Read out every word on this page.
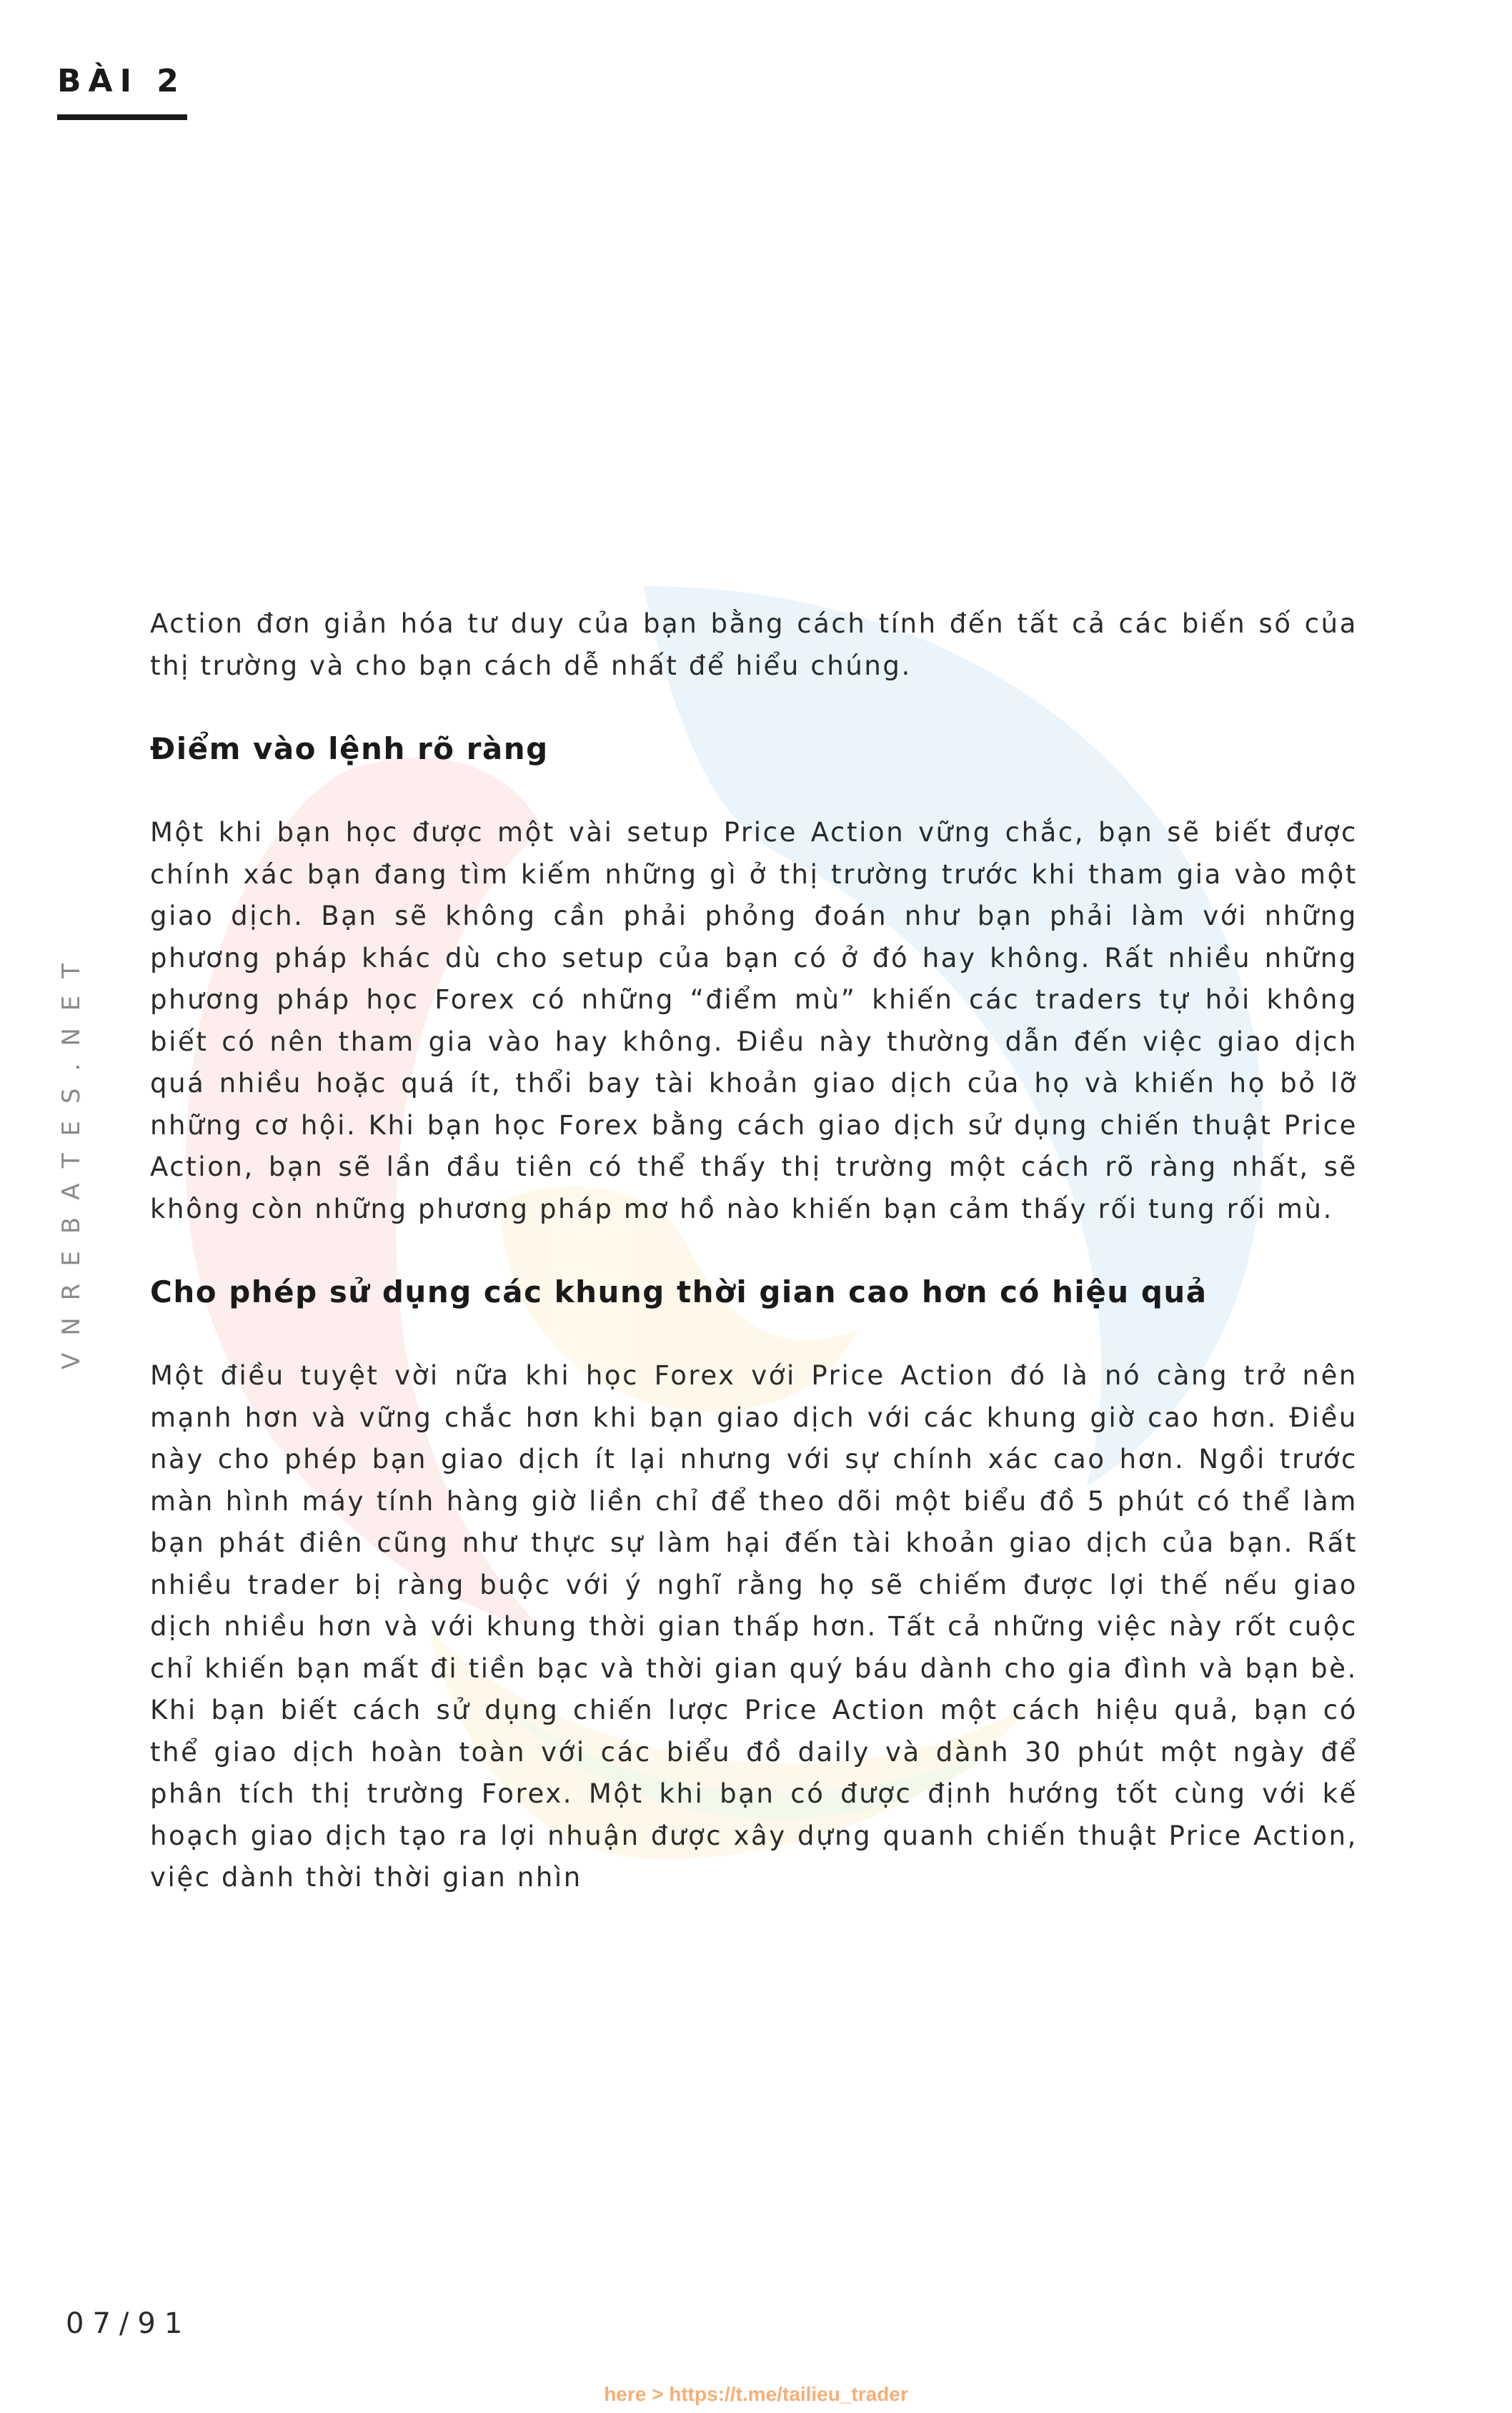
BÀI 2
VNREBATES.NET

Action đơn giản hóa tư duy của bạn bằng cách tính đến tất cả các biến số của thị trường và cho bạn cách dễ nhất để hiểu chúng.

Điểm vào lệnh rõ ràng

Một khi bạn học được một vài setup Price Action vững chắc, bạn sẽ biết được chính xác bạn đang tìm kiếm những gì ở thị trường trước khi tham gia vào một giao dịch. Bạn sẽ không cần phải phỏng đoán như bạn phải làm với những phương pháp khác dù cho setup của bạn có ở đó hay không. Rất nhiều những phương pháp học Forex có những “điểm mù” khiến các traders tự hỏi không biết có nên tham gia vào hay không. Điều này thường dẫn đến việc giao dịch quá nhiều hoặc quá ít, thổi bay tài khoản giao dịch của họ và khiến họ bỏ lỡ những cơ hội. Khi bạn học Forex bằng cách giao dịch sử dụng chiến thuật Price Action, bạn sẽ lần đầu tiên có thể thấy thị trường một cách rõ ràng nhất, sẽ không còn những phương pháp mơ hồ nào khiến bạn cảm thấy rối tung rối mù.

Cho phép sử dụng các khung thời gian cao hơn có hiệu quả

Một điều tuyệt vời nữa khi học Forex với Price Action đó là nó càng trở nên mạnh hơn và vững chắc hơn khi bạn giao dịch với các khung giờ cao hơn. Điều này cho phép bạn giao dịch ít lại nhưng với sự chính xác cao hơn. Ngồi trước màn hình máy tính hàng giờ liền chỉ để theo dõi một biểu đồ 5 phút có thể làm bạn phát điên cũng như thực sự làm hại đến tài khoản giao dịch của bạn. Rất nhiều trader bị ràng buộc với ý nghĩ rằng họ sẽ chiếm được lợi thế nếu giao dịch nhiều hơn và với khung thời gian thấp hơn. Tất cả những việc này rốt cuộc chỉ khiến bạn mất đi tiền bạc và thời gian quý báu dành cho gia đình và bạn bè. Khi bạn biết cách sử dụng chiến lược Price Action một cách hiệu quả, bạn có thể giao dịch hoàn toàn với các biểu đồ daily và dành 30 phút một ngày để phân tích thị trường Forex. Một khi bạn có được định hướng tốt cùng với kế hoạch giao dịch tạo ra lợi nhuận được xây dựng quanh chiến thuật Price Action, việc dành thời thời gian nhìn

07/91
here > https://t.me/tailieu_trader
